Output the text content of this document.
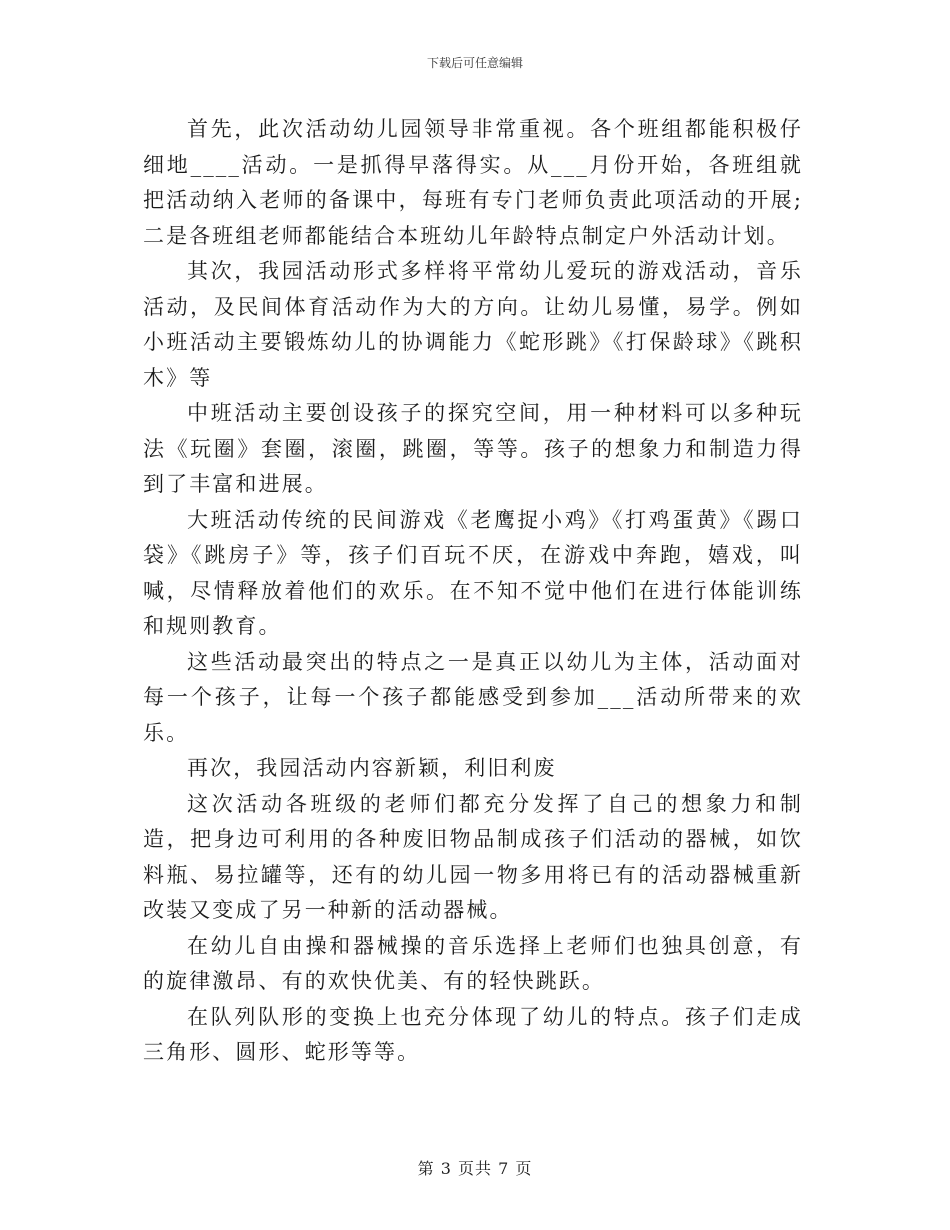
下载后可任意编辑

首先，此次活动幼儿园领导非常重视。各个班组都能积极仔细地____活动。一是抓得早落得实。从___月份开始，各班组就把活动纳入老师的备课中，每班有专门老师负责此项活动的开展;二是各班组老师都能结合本班幼儿年龄特点制定户外活动计划。

其次，我园活动形式多样将平常幼儿爱玩的游戏活动，音乐活动，及民间体育活动作为大的方向。让幼儿易懂，易学。例如小班活动主要锻炼幼儿的协调能力《蛇形跳》《打保龄球》《跳积木》等

中班活动主要创设孩子的探究空间，用一种材料可以多种玩法《玩圈》套圈，滚圈，跳圈，等等。孩子的想象力和制造力得到了丰富和进展。

大班活动传统的民间游戏《老鹰捉小鸡》《打鸡蛋黄》《踢口袋》《跳房子》等，孩子们百玩不厌，在游戏中奔跑，嬉戏，叫喊，尽情释放着他们的欢乐。在不知不觉中他们在进行体能训练和规则教育。

这些活动最突出的特点之一是真正以幼儿为主体，活动面对每一个孩子，让每一个孩子都能感受到参加___活动所带来的欢乐。

再次，我园活动内容新颖，利旧利废

这次活动各班级的老师们都充分发挥了自己的想象力和制造，把身边可利用的各种废旧物品制成孩子们活动的器械，如饮料瓶、易拉罐等，还有的幼儿园一物多用将已有的活动器械重新改装又变成了另一种新的活动器械。

在幼儿自由操和器械操的音乐选择上老师们也独具创意，有的旋律激昂、有的欢快优美、有的轻快跳跃。

在队列队形的变换上也充分体现了幼儿的特点。孩子们走成三角形、圆形、蛇形等等。

第 3 页共 7 页
